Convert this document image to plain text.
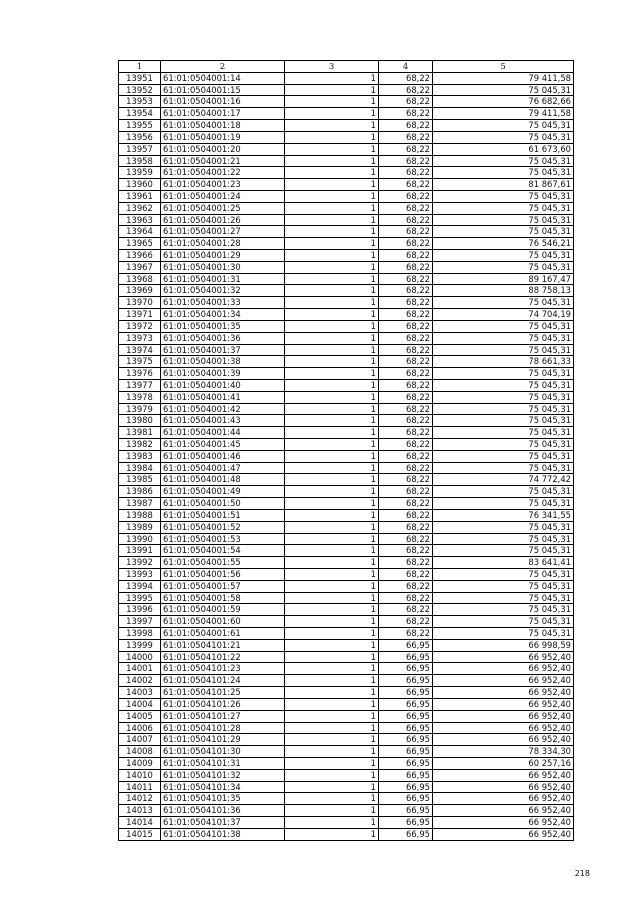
1	2	3	4	5
13951	61:01:0504001:14	1	68,22	79 411,58
13952	61:01:0504001:15	1	68,22	75 045,31
13953	61:01:0504001:16	1	68,22	76 682,66
13954	61:01:0504001:17	1	68,22	79 411,58
13955	61:01:0504001:18	1	68,22	75 045,31
13956	61:01:0504001:19	1	68,22	75 045,31
13957	61:01:0504001:20	1	68,22	61 673,60
13958	61:01:0504001:21	1	68,22	75 045,31
13959	61:01:0504001:22	1	68,22	75 045,31
13960	61:01:0504001:23	1	68,22	81 867,61
13961	61:01:0504001:24	1	68,22	75 045,31
13962	61:01:0504001:25	1	68,22	75 045,31
13963	61:01:0504001:26	1	68,22	75 045,31
13964	61:01:0504001:27	1	68,22	75 045,31
13965	61:01:0504001:28	1	68,22	76 546,21
13966	61:01:0504001:29	1	68,22	75 045,31
13967	61:01:0504001:30	1	68,22	75 045,31
13968	61:01:0504001:31	1	68,22	89 167,47
13969	61:01:0504001:32	1	68,22	88 758,13
13970	61:01:0504001:33	1	68,22	75 045,31
13971	61:01:0504001:34	1	68,22	74 704,19
13972	61:01:0504001:35	1	68,22	75 045,31
13973	61:01:0504001:36	1	68,22	75 045,31
13974	61:01:0504001:37	1	68,22	75 045,31
13975	61:01:0504001:38	1	68,22	78 661,33
13976	61:01:0504001:39	1	68,22	75 045,31
13977	61:01:0504001:40	1	68,22	75 045,31
13978	61:01:0504001:41	1	68,22	75 045,31
13979	61:01:0504001:42	1	68,22	75 045,31
13980	61:01:0504001:43	1	68,22	75 045,31
13981	61:01:0504001:44	1	68,22	75 045,31
13982	61:01:0504001:45	1	68,22	75 045,31
13983	61:01:0504001:46	1	68,22	75 045,31
13984	61:01:0504001:47	1	68,22	75 045,31
13985	61:01:0504001:48	1	68,22	74 772,42
13986	61:01:0504001:49	1	68,22	75 045,31
13987	61:01:0504001:50	1	68,22	75 045,31
13988	61:01:0504001:51	1	68,22	76 341,55
13989	61:01:0504001:52	1	68,22	75 045,31
13990	61:01:0504001:53	1	68,22	75 045,31
13991	61:01:0504001:54	1	68,22	75 045,31
13992	61:01:0504001:55	1	68,22	83 641,41
13993	61:01:0504001:56	1	68,22	75 045,31
13994	61:01:0504001:57	1	68,22	75 045,31
13995	61:01:0504001:58	1	68,22	75 045,31
13996	61:01:0504001:59	1	68,22	75 045,31
13997	61:01:0504001:60	1	68,22	75 045,31
13998	61:01:0504001:61	1	68,22	75 045,31
13999	61:01:0504101:21	1	66,95	66 998,59
14000	61:01:0504101:22	1	66,95	66 952,40
14001	61:01:0504101:23	1	66,95	66 952,40
14002	61:01:0504101:24	1	66,95	66 952,40
14003	61:01:0504101:25	1	66,95	66 952,40
14004	61:01:0504101:26	1	66,95	66 952,40
14005	61:01:0504101:27	1	66,95	66 952,40
14006	61:01:0504101:28	1	66,95	66 952,40
14007	61:01:0504101:29	1	66,95	66 952,40
14008	61:01:0504101:30	1	66,95	78 334,30
14009	61:01:0504101:31	1	66,95	60 257,16
14010	61:01:0504101:32	1	66,95	66 952,40
14011	61:01:0504101:34	1	66,95	66 952,40
14012	61:01:0504101:35	1	66,95	66 952,40
14013	61:01:0504101:36	1	66,95	66 952,40
14014	61:01:0504101:37	1	66,95	66 952,40
14015	61:01:0504101:38	1	66,95	66 952,40
218
